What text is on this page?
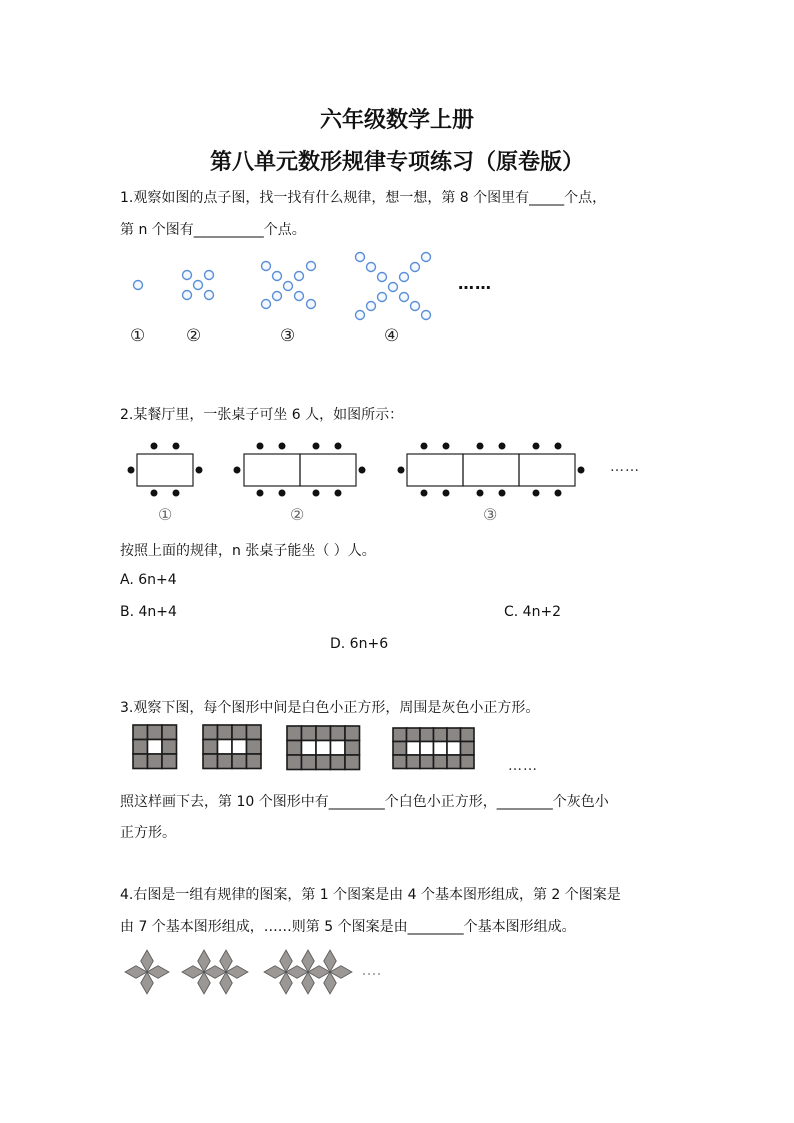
六年级数学上册
第八单元数形规律专项练习（原卷版）
1.观察如图的点子图，找一找有什么规律，想一想，第 8 个图里有_____个点，
第 n 个图有__________个点。
……
① ②	③	④
2.某餐厅里，一张桌子可坐 6 人，如图所示：
……
①	②	③
按照上面的规律，n 张桌子能坐（ ）人。
A. 6n+4
B. 4n+4	C. 4n+2
D. 6n+6
3.观察下图，每个图形中间是白色小正方形，周围是灰色小正方形。
……
照这样画下去，第 10 个图形中有________个白色小正方形，________个灰色小
正方形。
4.右图是一组有规律的图案，第 1 个图案是由 4 个基本图形组成，第 2 个图案是
由 7 个基本图形组成，……则第 5 个图案是由________个基本图形组成。
